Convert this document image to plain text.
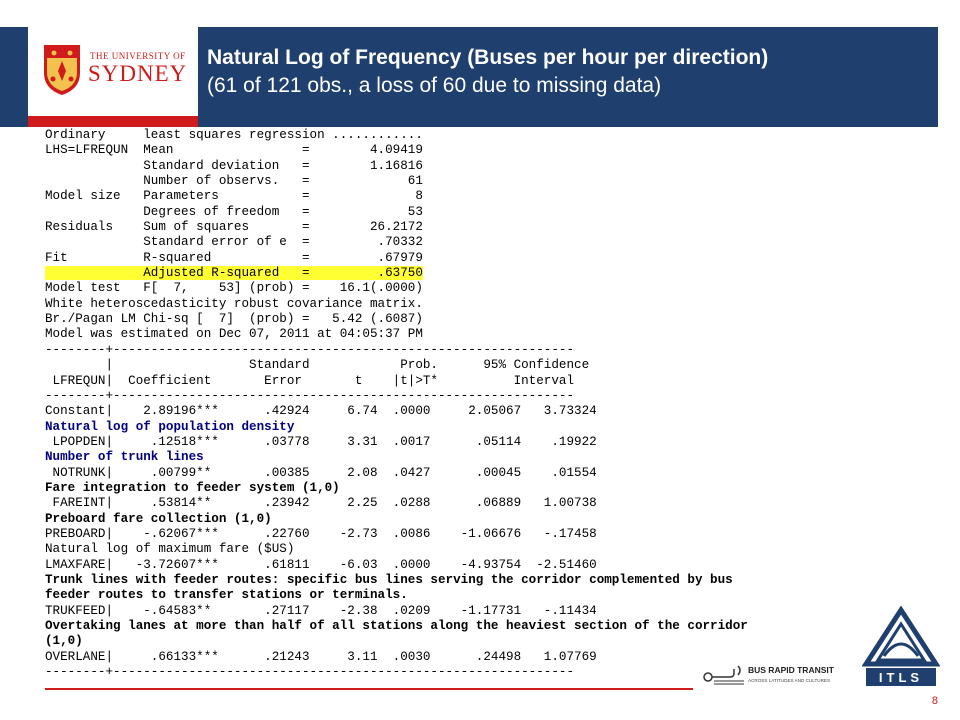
THE UNIVERSITY OF
SYDNEY
Natural Log of Frequency (Buses per hour per direction)
(61 of 121 obs., a loss of 60 due to missing data)
Ordinary     least squares regression ............
LHS=LFREQUN  Mean                 =        4.09419
Standard deviation   =        1.16816
Number of observs.   =             61
Model size   Parameters           =              8
Degrees of freedom   =             53
Residuals    Sum of squares       =        26.2172
Standard error of e  =         .70332
Fit          R-squared            =         .67979
Adjusted R-squared   =         .63750
Model test   F[  7,    53] (prob) =    16.1(.0000)
White heteroscedasticity robust covariance matrix.
Br./Pagan LM Chi-sq [  7]  (prob) =   5.42 (.6087)
Model was estimated on Dec 07, 2011 at 04:05:37 PM
--------+-------------------------------------------------------------
|                  Standard            Prob.      95% Confidence
LFREQUN|  Coefficient       Error       t    |t|>T*          Interval
--------+-------------------------------------------------------------
Constant|    2.89196***      .42924     6.74  .0000     2.05067   3.73324
Natural log of population density
LPOPDEN|     .12518***      .03778     3.31  .0017      .05114    .19922
Number of trunk lines
NOTRUNK|     .00799**       .00385     2.08  .0427      .00045    .01554
Fare integration to feeder system (1,0)
FAREINT|     .53814**       .23942     2.25  .0288      .06889   1.00738
Preboard fare collection (1,0)
PREBOARD|    -.62067***      .22760    -2.73  .0086    -1.06676   -.17458
Natural log of maximum fare ($US)
LMAXFARE|   -3.72607***      .61811    -6.03  .0000    -4.93754  -2.51460
Trunk lines with feeder routes: specific bus lines serving the corridor complemented by bus
feeder routes to transfer stations or terminals.
TRUKFEED|    -.64583**       .27117    -2.38  .0209    -1.17731   -.11434
Overtaking lanes at more than half of all stations along the heaviest section of the corridor
(1,0)
OVERLANE|     .66133***      .21243     3.11  .0030      .24498   1.07769
--------+-------------------------------------------------------------	BUS RAPID TRANSIT
ACROSS LATITUDES AND CULTURES	ITLS
8
